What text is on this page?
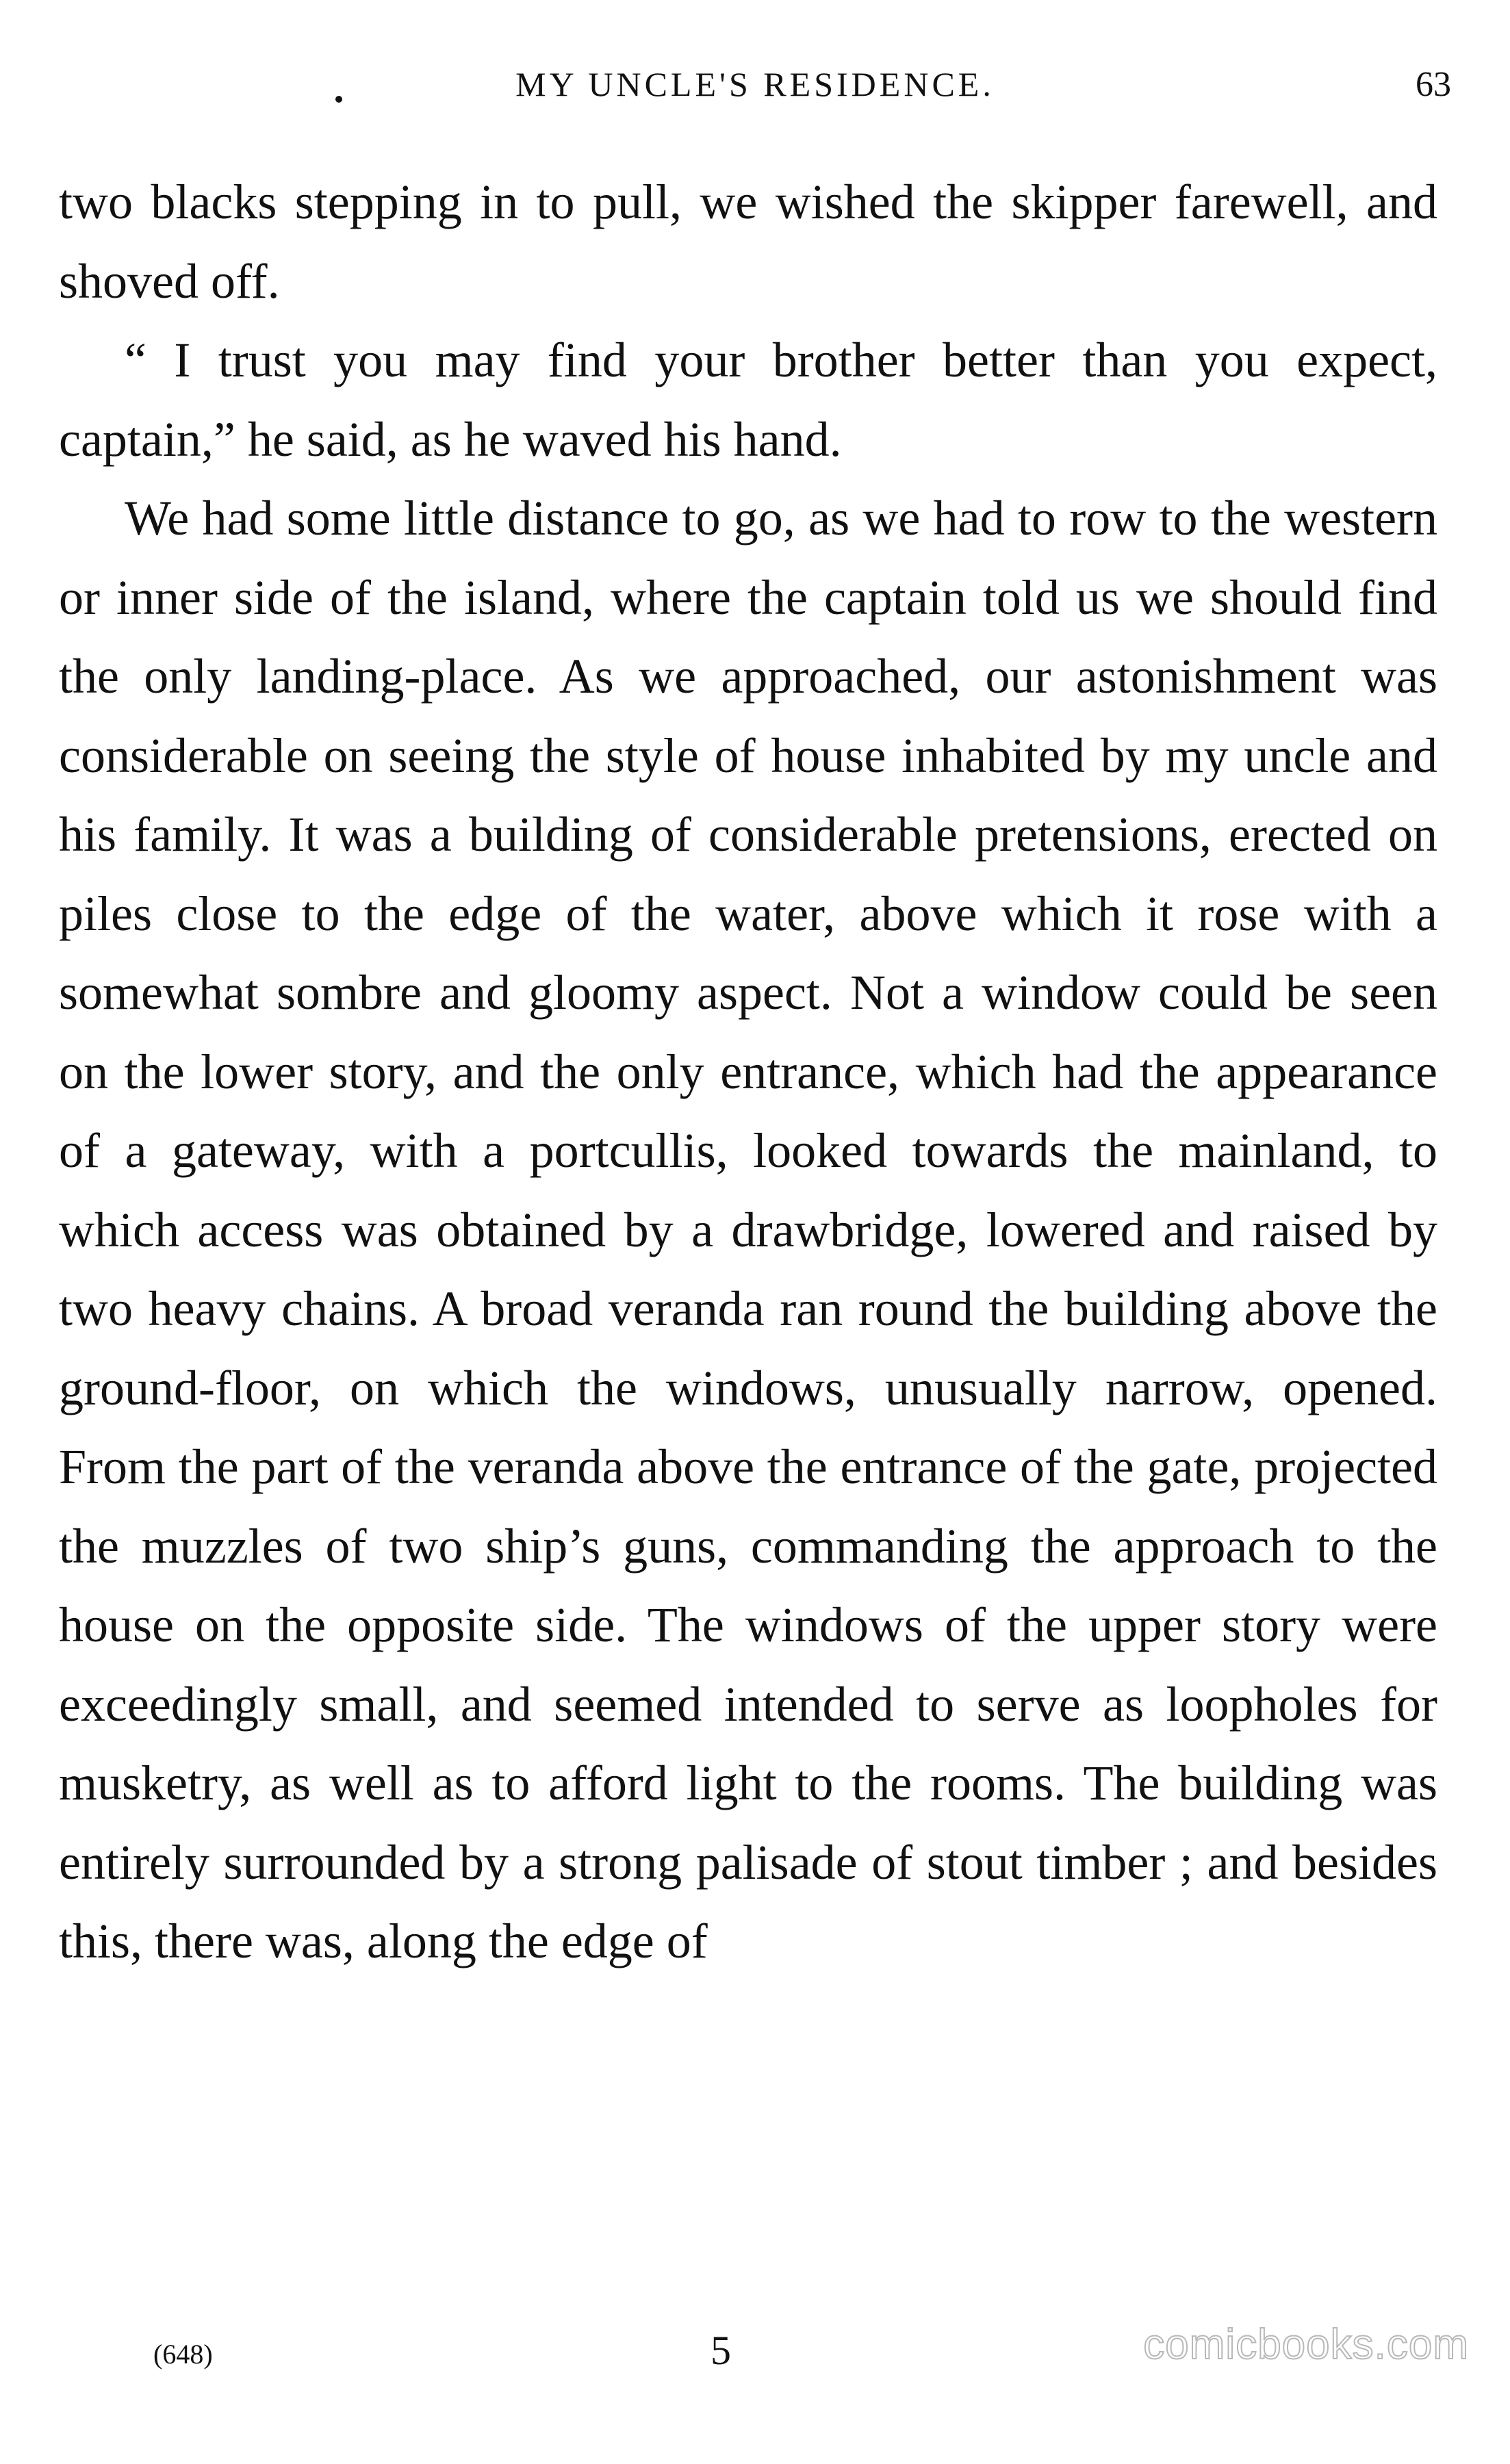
MY UNCLE'S RESIDENCE.	63

two blacks stepping in to pull, we wished the skipper farewell, and shoved off.

“ I trust you may find your brother better than you expect, captain,” he said, as he waved his hand.

We had some little distance to go, as we had to row to the western or inner side of the island, where the captain told us we should find the only landing-place. As we approached, our astonishment was considerable on seeing the style of house inhabited by my uncle and his family. It was a building of considerable pretensions, erected on piles close to the edge of the water, above which it rose with a somewhat sombre and gloomy aspect. Not a window could be seen on the lower story, and the only entrance, which had the appearance of a gateway, with a portcullis, looked towards the mainland, to which access was obtained by a drawbridge, lowered and raised by two heavy chains. A broad veranda ran round the building above the ground-floor, on which the windows, unusually narrow, opened. From the part of the veranda above the entrance of the gate, projected the muzzles of two ship’s guns, commanding the approach to the house on the opposite side. The windows of the upper story were exceedingly small, and seemed intended to serve as loopholes for musketry, as well as to afford light to the rooms. The building was entirely surrounded by a strong palisade of stout timber ; and besides this, there was, along the edge of

(648)	5	comicbooks.com
